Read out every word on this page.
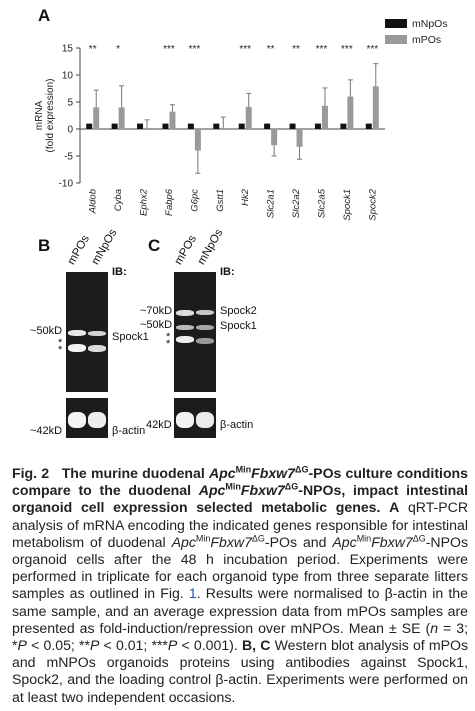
A
B	C
-10
-5
0
5
10
15
mRNA (fold expression)
**
Aldob
*
Cyba Ephx2
***
Fabp6
***
G6pc Gstt1
***
Hk2
**
Slc2a1
**
Slc2a2
***
Slc2a5
***
Spock1
***
Spock2
mNpOs
mPOs
mPOs
mNpOs
IB:
~50kD
*
*
Spock1
~42kD	β-actin
mPOs
mNpOs
IB:
~70kD
~50kD
*
*
Spock2
Spock1
42kD	β-actin
Fig. 2 The murine duodenal $Apc^{Min}Fbxw7^{\Delta G}$-POs culture conditions compare to the duodenal $Apc^{Min}Fbxw7^{\Delta G}$-NPOs, impact intestinal organoid cell expression selected metabolic genes. A qRT-PCR analysis of mRNA encoding the indicated genes responsible for intestinal metabolism of duodenal $Apc^{Min}Fbxw7^{\Delta G}$-POs and $Apc^{Min}Fbxw7^{\Delta G}$-NPOs organoid cells after the 48 h incubation period. Experiments were performed in triplicate for each organoid type from three separate litters samples as outlined in Fig. 1. Results were normalised to β-actin in the same sample, and an average expression data from mPOs samples are presented as fold-induction/repression over mNPOs. Mean ± SE (n = 3; *P < 0.05; **P < 0.01; ***P < 0.001). B, C Western blot analysis of mPOs and mNPOs organoids proteins using antibodies against Spock1, Spock2, and the loading control β-actin. Experiments were performed on at least two independent occasions.
